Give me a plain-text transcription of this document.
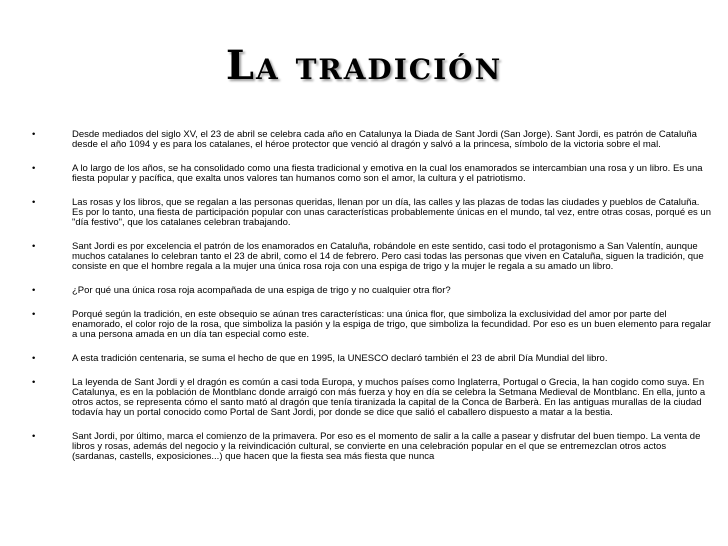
La tradición
•	Desde mediados del siglo XV, el 23 de abril se celebra cada año en Catalunya la Diada de Sant Jordi (San Jorge). Sant Jordi, es patrón de Cataluña desde el año 1094 y es para los catalanes, el héroe protector que venció al dragón y salvó a la princesa, símbolo de la victoria sobre el mal.
•	A lo largo de los años, se ha consolidado como una fiesta tradicional y emotiva en la cual los enamorados se intercambian una rosa y un libro. Es una fiesta popular y pacífica, que exalta unos valores tan humanos como son el amor, la cultura y el patriotismo.
•	Las rosas y los libros, que se regalan a las personas queridas, llenan por un día, las calles y las plazas de todas las ciudades y pueblos de Cataluña. Es por lo tanto, una fiesta de participación popular con unas características probablemente únicas en el mundo, tal vez, entre otras cosas, porqué es un "día festivo", que los catalanes celebran trabajando.
•	Sant Jordi es por excelencia el patrón de los enamorados en Cataluña, robándole en este sentido, casi todo el protagonismo a San Valentín, aunque muchos catalanes lo celebran tanto el 23 de abril, como el 14 de febrero. Pero casi todas las personas que viven en Cataluña, siguen la tradición, que consiste en que el hombre regala a la mujer una única rosa roja con una espiga de trigo y la mujer le regala a su amado un libro.
•	¿Por qué una única rosa roja acompañada de una espiga de trigo y no cualquier otra flor?
•	Porqué según la tradición, en este obsequio se aúnan tres características: una única flor, que simboliza la exclusividad del amor por parte del enamorado, el color rojo de la rosa, que simboliza la pasión y la espiga de trigo, que simboliza la fecundidad. Por eso es un buen elemento para regalar a una persona amada en un día tan especial como este.
•	A esta tradición centenaria, se suma el hecho de que en 1995, la UNESCO declaró también el 23 de abril Día Mundial del libro.
•	La leyenda de Sant Jordi y el dragón es común a casi toda Europa, y muchos países como Inglaterra, Portugal o Grecia, la han cogido como suya. En Catalunya, es en la población de Montblanc donde arraigó con más fuerza y hoy en día se celebra la Setmana Medieval de Montblanc. En ella, junto a otros actos, se representa cómo el santo mató al dragón que tenía tiranizada la capital de la Conca de Barberà. En las antiguas murallas de la ciudad todavía hay un portal conocido como Portal de Sant Jordi, por donde se dice que salió el caballero dispuesto a matar a la bestia.
•	Sant Jordi, por último, marca el comienzo de la primavera. Por eso es el momento de salir a la calle a pasear y disfrutar del buen tiempo. La venta de libros y rosas, además del negocio y la reivindicación cultural, se convierte en una celebración popular en el que se entremezclan otros actos (sardanas, castells, exposiciones...) que hacen que la fiesta sea más fiesta que nunca
